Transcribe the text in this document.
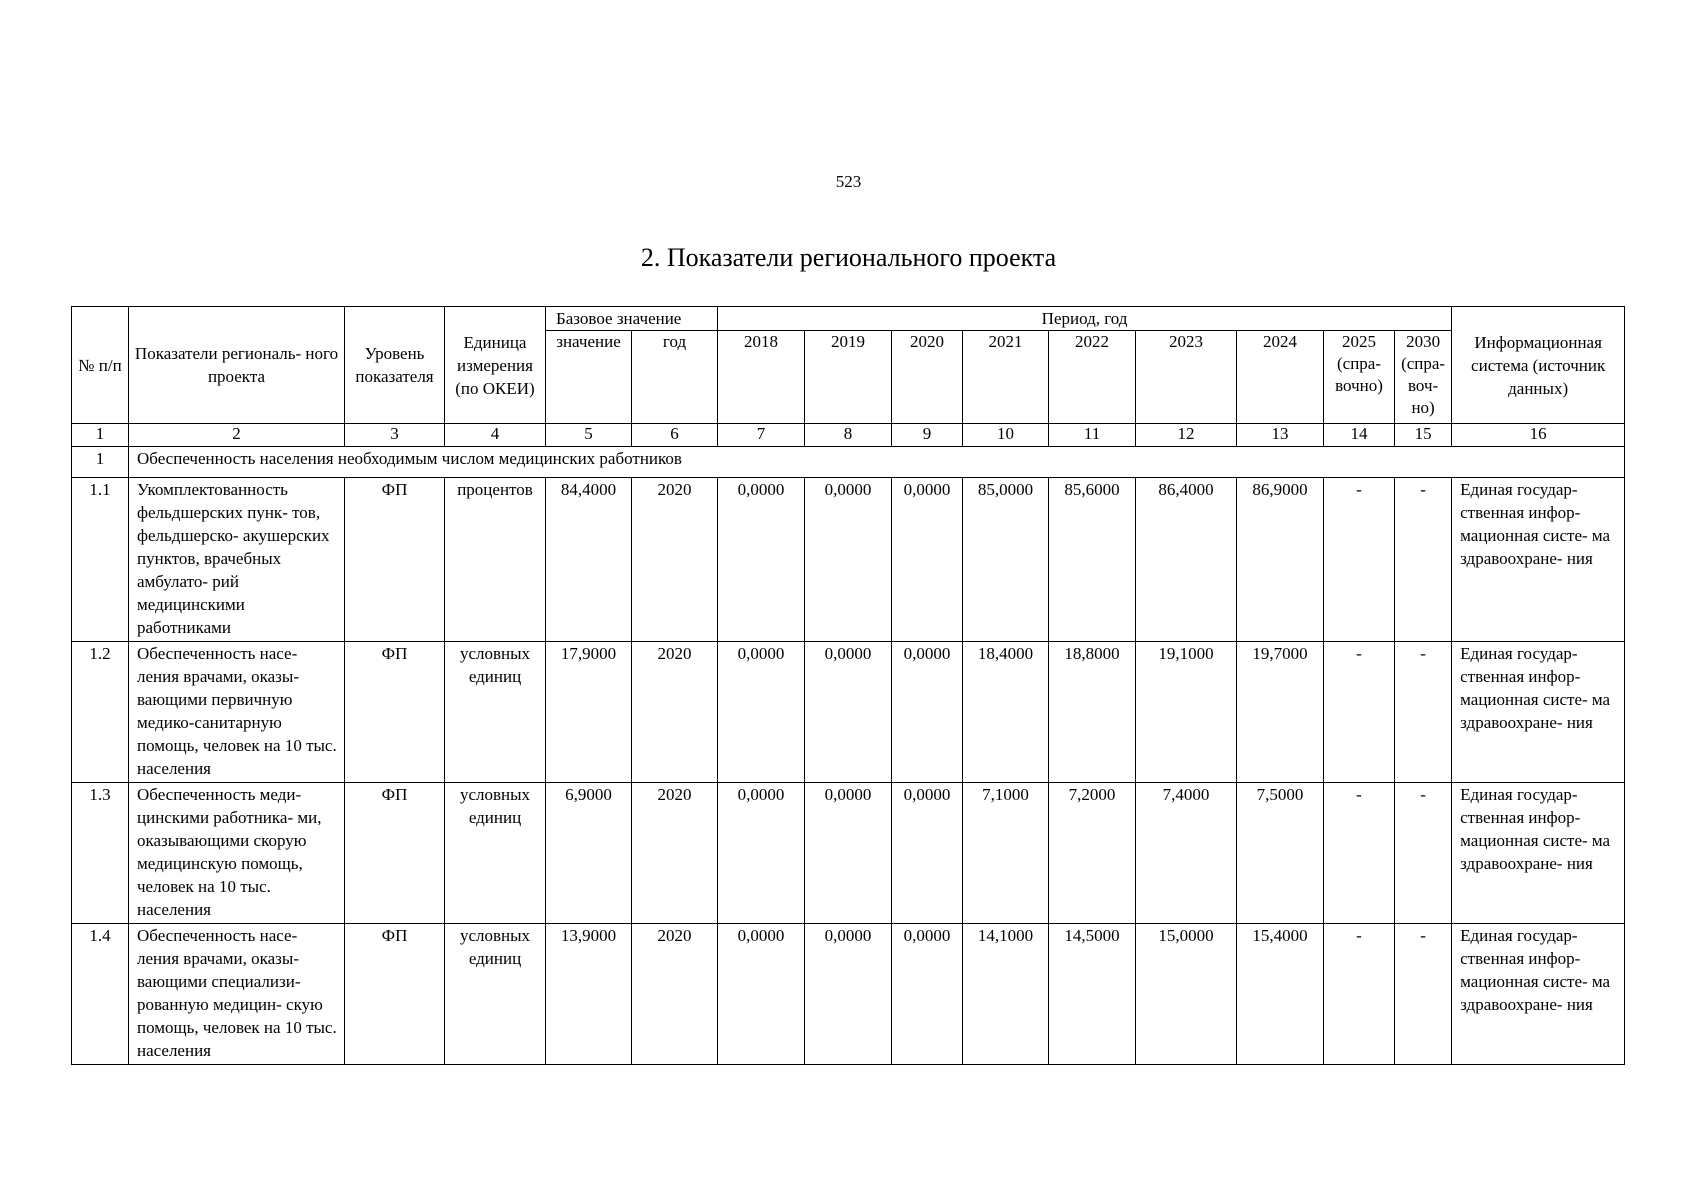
523
2. Показатели регионального проекта
№ п/п	Показатели региональ- ного проекта	Уровень показателя	Единица измерения (по ОКЕИ)	Базовое значение		Период, год									Информационная система (источник данных)
				значение	год	2018	2019	2020	2021	2022	2023	2024	2025 (спра- вочно)	2030 (спра- воч- но)	
1	2	3	4	5	6	7	8	9	10	11	12	13	14	15	16
1	Обеспеченность населения необходимым числом медицинских работников														
1.1	Укомплектованность фельдшерских пунк- тов, фельдшерско- акушерских пунктов, врачебных амбулато- рий медицинскими работниками	ФП	процентов	84,4000	2020	0,0000	0,0000	0,0000	85,0000	85,6000	86,4000	86,9000	-	-	Единая государ- ственная инфор- мационная систе- ма здравоохране- ния
1.2	Обеспеченность насе- ления врачами, оказы- вающими первичную медико-санитарную помощь, человек на 10 тыс. населения	ФП	условных единиц	17,9000	2020	0,0000	0,0000	0,0000	18,4000	18,8000	19,1000	19,7000	-	-	Единая государ- ственная инфор- мационная систе- ма здравоохране- ния
1.3	Обеспеченность меди- цинскими работника- ми, оказывающими скорую медицинскую помощь, человек на 10 тыс. населения	ФП	условных единиц	6,9000	2020	0,0000	0,0000	0,0000	7,1000	7,2000	7,4000	7,5000	-	-	Единая государ- ственная инфор- мационная систе- ма здравоохране- ния
1.4	Обеспеченность насе- ления врачами, оказы- вающими специализи- рованную медицин- скую помощь, человек на 10 тыс. населения	ФП	условных единиц	13,9000	2020	0,0000	0,0000	0,0000	14,1000	14,5000	15,0000	15,4000	-	-	Единая государ- ственная инфор- мационная систе- ма здравоохране- ния
